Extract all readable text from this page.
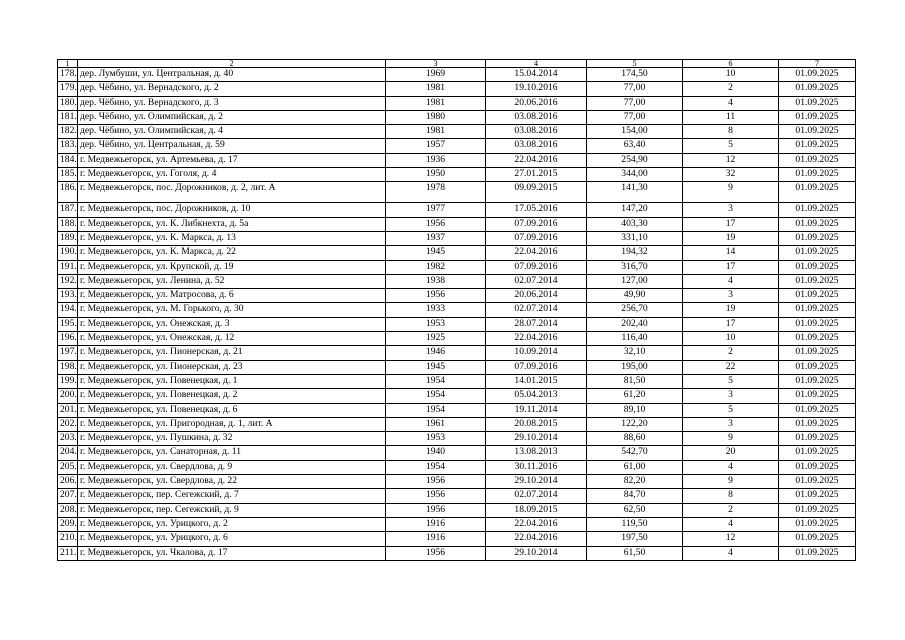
1	2	3	4	5	6	7
178.	дер. Лумбуши, ул. Центральная, д. 40	1969	15.04.2014	174,50	10	01.09.2025
179.	дер. Чёбино, ул. Вернадского, д. 2	1981	19.10.2016	77,00	2	01.09.2025
180.	дер. Чёбино, ул. Вернадского, д. 3	1981	20.06.2016	77,00	4	01.09.2025
181.	дер. Чёбино, ул. Олимпийская, д. 2	1980	03.08.2016	77,00	11	01.09.2025
182.	дер. Чёбино, ул. Олимпийская, д. 4	1981	03.08.2016	154,00	8	01.09.2025
183.	дер. Чёбино, ул. Центральная, д. 59	1957	03.08.2016	63,40	5	01.09.2025
184.	г. Медвежьегорск, ул. Артемьева, д. 17	1936	22.04.2016	254,90	12	01.09.2025
185.	г. Медвежьегорск, ул. Гоголя, д. 4	1950	27.01.2015	344,00	32	01.09.2025
186.	г. Медвежьегорск, пос. Дорожников, д. 2, лит. А	1978	09.09.2015	141,30	9	01.09.2025
187.	г. Медвежьегорск, пос. Дорожников, д. 10	1977	17.05.2016	147,20	3	01.09.2025
188.	г. Медвежьегорск, ул. К. Либкнехта, д. 5а	1956	07.09.2016	403,30	17	01.09.2025
189.	г. Медвежьегорск, ул. К. Маркса, д. 13	1937	07.09.2016	331,10	19	01.09.2025
190.	г. Медвежьегорск, ул. К. Маркса, д. 22	1945	22.04.2016	194,32	14	01.09.2025
191.	г. Медвежьегорск, ул. Крупской, д. 19	1982	07.09.2016	316,70	17	01.09.2025
192.	г. Медвежьегорск, ул. Ленина, д. 52	1938	02.07.2014	127,00	4	01.09.2025
193.	г. Медвежьегорск, ул. Матросова, д. 6	1956	20.06.2014	49,90	3	01.09.2025
194.	г. Медвежьегорск, ул. М. Горького, д. 30	1933	02.07.2014	256,70	19	01.09.2025
195.	г. Медвежьегорск, ул. Онежская, д. 3	1953	28.07.2014	202,40	17	01.09.2025
196.	г. Медвежьегорск, ул. Онежская, д. 12	1925	22.04.2016	116,40	10	01.09.2025
197.	г. Медвежьегорск, ул. Пионерская, д. 21	1946	10.09.2014	32,10	2	01.09.2025
198.	г. Медвежьегорск, ул. Пионерская, д. 23	1945	07.09.2016	195,00	22	01.09.2025
199.	г. Медвежьегорск, ул. Повенецкая, д. 1	1954	14.01.2015	81,50	5	01.09.2025
200.	г. Медвежьегорск, ул. Повенецкая, д. 2	1954	05.04.2013	61,20	3	01.09.2025
201.	г. Медвежьегорск, ул. Повенецкая, д. 6	1954	19.11.2014	89,10	5	01.09.2025
202.	г. Медвежьегорск, ул. Пригородная, д. 1, лит. А	1961	20.08.2015	122,20	3	01.09.2025
203.	г. Медвежьегорск, ул. Пушкина, д. 32	1953	29.10.2014	88,60	9	01.09.2025
204.	г. Медвежьегорск, ул. Санаторная, д. 11	1940	13.08.2013	542,70	20	01.09.2025
205.	г. Медвежьегорск, ул. Свердлова, д. 9	1954	30.11.2016	61,00	4	01.09.2025
206.	г. Медвежьегорск, ул. Свердлова, д. 22	1956	29.10.2014	82,20	9	01.09.2025
207.	г. Медвежьегорск, пер. Сегежский, д. 7	1956	02.07.2014	84,70	8	01.09.2025
208.	г. Медвежьегорск, пер. Сегежский, д. 9	1956	18.09.2015	62,50	2	01.09.2025
209.	г. Медвежьегорск, ул. Урицкого, д. 2	1916	22.04.2016	119,50	4	01.09.2025
210.	г. Медвежьегорск, ул. Урицкого, д. 6	1916	22.04.2016	197,50	12	01.09.2025
211.	г. Медвежьегорск, ул. Чкалова, д. 17	1956	29.10.2014	61,50	4	01.09.2025
